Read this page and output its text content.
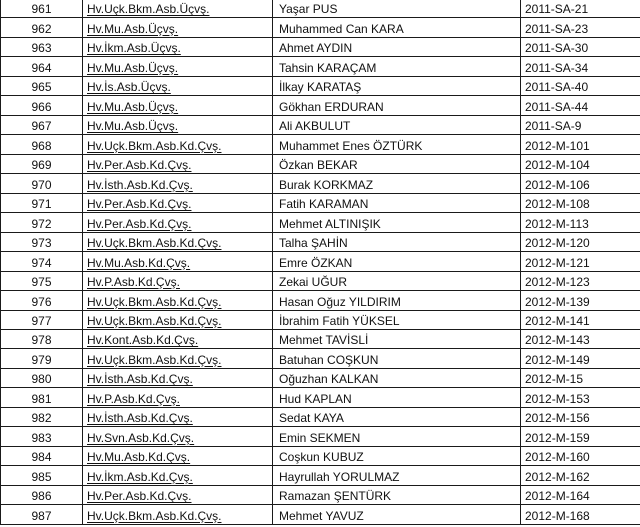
961	Hv.Uçk.Bkm.Asb.Üçvş.	Yaşar PUS	2011-SA-21
962	Hv.Mu.Asb.Üçvş.	Muhammed Can KARA	2011-SA-23
963	Hv.İkm.Asb.Üçvş.	Ahmet AYDIN	2011-SA-30
964	Hv.Mu.Asb.Üçvş.	Tahsin KARAÇAM	2011-SA-34
965	Hv.İs.Asb.Üçvş.	İlkay KARATAŞ	2011-SA-40
966	Hv.Mu.Asb.Üçvş.	Gökhan ERDURAN	2011-SA-44
967	Hv.Mu.Asb.Üçvş.	Ali AKBULUT	2011-SA-9
968	Hv.Uçk.Bkm.Asb.Kd.Çvş.	Muhammet Enes ÖZTÜRK	2012-M-101
969	Hv.Per.Asb.Kd.Çvş.	Özkan BEKAR	2012-M-104
970	Hv.İsth.Asb.Kd.Çvş.	Burak KORKMAZ	2012-M-106
971	Hv.Per.Asb.Kd.Çvş.	Fatih KARAMAN	2012-M-108
972	Hv.Per.Asb.Kd.Çvş.	Mehmet ALTINIŞIK	2012-M-113
973	Hv.Uçk.Bkm.Asb.Kd.Çvş.	Talha ŞAHİN	2012-M-120
974	Hv.Mu.Asb.Kd.Çvş.	Emre ÖZKAN	2012-M-121
975	Hv.P.Asb.Kd.Çvş.	Zekai UĞUR	2012-M-123
976	Hv.Uçk.Bkm.Asb.Kd.Çvş.	Hasan Oğuz YILDIRIM	2012-M-139
977	Hv.Uçk.Bkm.Asb.Kd.Çvş.	İbrahim Fatih YÜKSEL	2012-M-141
978	Hv.Kont.Asb.Kd.Çvş.	Mehmet TAVİSLİ	2012-M-143
979	Hv.Uçk.Bkm.Asb.Kd.Çvş.	Batuhan COŞKUN	2012-M-149
980	Hv.İsth.Asb.Kd.Çvş.	Oğuzhan KALKAN	2012-M-15
981	Hv.P.Asb.Kd.Çvş.	Hud KAPLAN	2012-M-153
982	Hv.İsth.Asb.Kd.Çvş.	Sedat KAYA	2012-M-156
983	Hv.Svn.Asb.Kd.Çvş.	Emin SEKMEN	2012-M-159
984	Hv.Mu.Asb.Kd.Çvş.	Coşkun KUBUZ	2012-M-160
985	Hv.İkm.Asb.Kd.Çvş.	Hayrullah YORULMAZ	2012-M-162
986	Hv.Per.Asb.Kd.Çvş.	Ramazan ŞENTÜRK	2012-M-164
987	Hv.Uçk.Bkm.Asb.Kd.Çvş.	Mehmet YAVUZ	2012-M-168
